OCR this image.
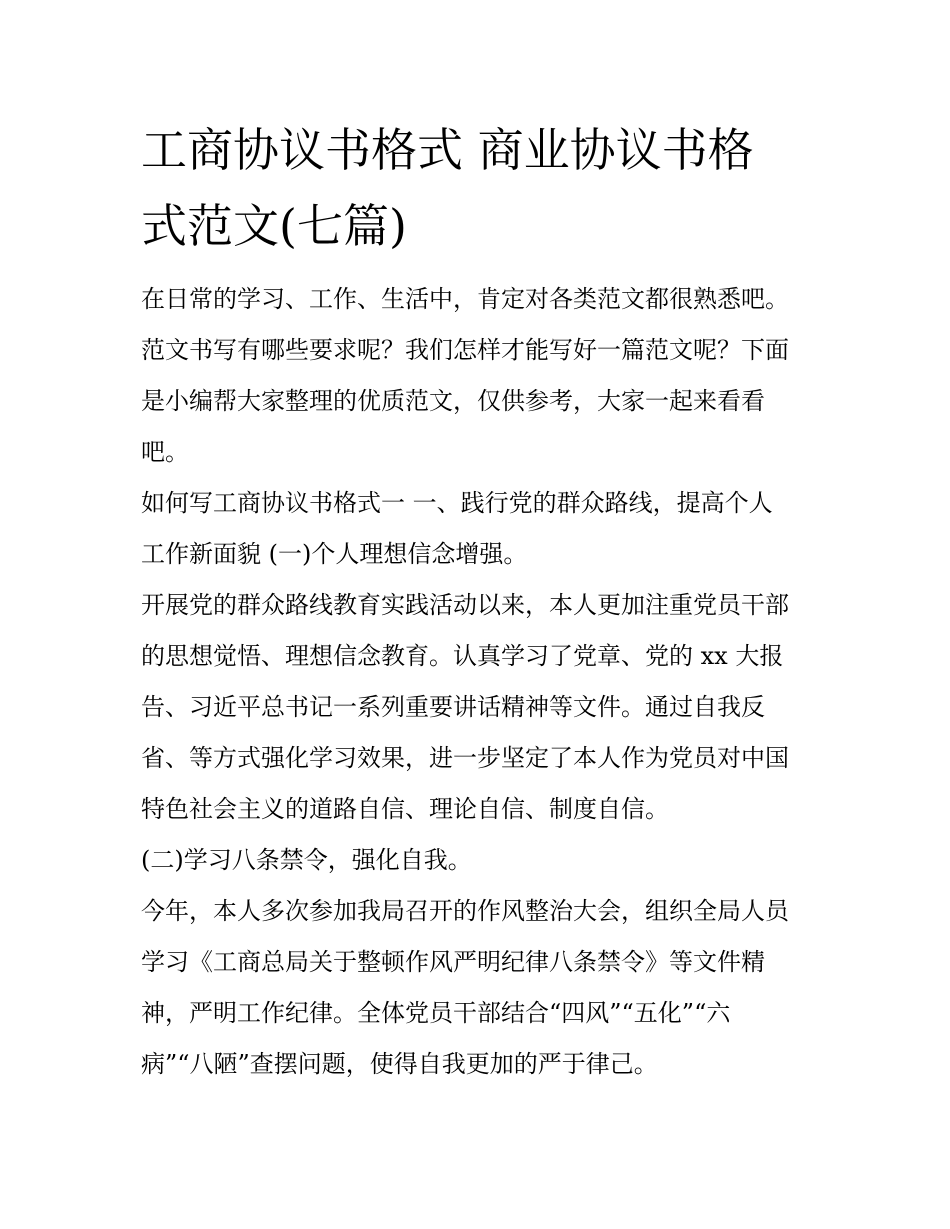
工商协议书格式 商业协议书格
式范文(七篇)

在日常的学习、工作、生活中，肯定对各类范文都很熟悉吧。
范文书写有哪些要求呢？我们怎样才能写好一篇范文呢？下面
是小编帮大家整理的优质范文，仅供参考，大家一起来看看
吧。

如何写工商协议书格式一 一、践行党的群众路线，提高个人
工作新面貌 (一)个人理想信念增强。

开展党的群众路线教育实践活动以来，本人更加注重党员干部
的思想觉悟、理想信念教育。认真学习了党章、党的 xx 大报
告、习近平总书记一系列重要讲话精神等文件。通过自我反
省、等方式强化学习效果，进一步坚定了本人作为党员对中国
特色社会主义的道路自信、理论自信、制度自信。

(二)学习八条禁令，强化自我。

今年，本人多次参加我局召开的作风整治大会，组织全局人员
学习《工商总局关于整顿作风严明纪律八条禁令》等文件精
神，严明工作纪律。全体党员干部结合“四风”“五化”“六
病”“八陋”查摆问题，使得自我更加的严于律己。
